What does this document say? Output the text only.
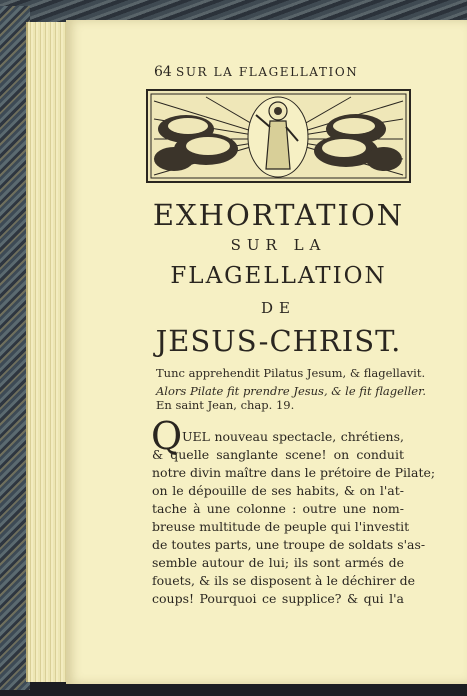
64 SUR LA FLAGELLATION
EXHORTATION
SUR LA
FLAGELLATION
DE
JESUS-CHRIST.
Tunc apprehendit Pilatus Jesum, & flagellavit.
Alors Pilate fit prendre Jesus, & le fit flageller.
En saint Jean, chap. 19.
Q UEL nouveau spectacle, chrétiens,
& quelle sanglante scene! on conduit
notre divin maître dans le prétoire de Pilate;
on le dépouille de ses habits, & on l'at-
tache à une colonne : outre une nom-
breuse multitude de peuple qui l'investit
de toutes parts, une troupe de soldats s'as-
semble autour de lui; ils sont armés de
fouets, & ils se disposent à le déchirer de
coups! Pourquoi ce supplice? & qui l'a
